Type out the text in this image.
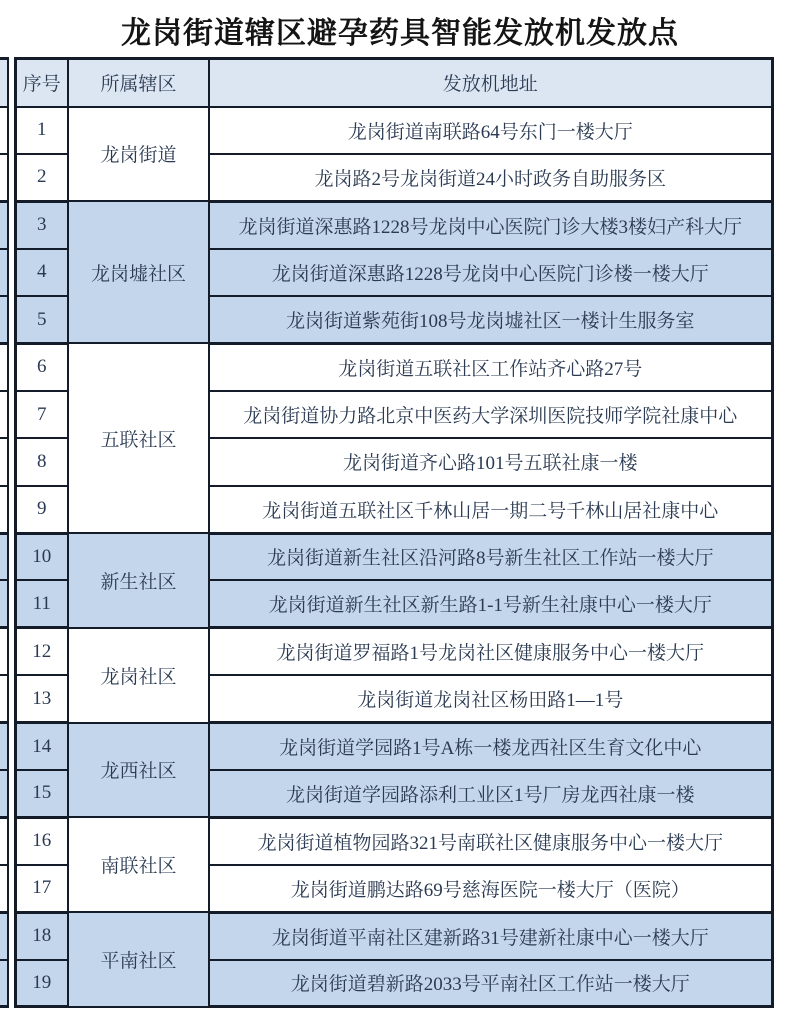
龙岗街道辖区避孕药具智能发放机发放点
		序号	所属辖区	发放机地址
		1	龙岗街道	龙岗街道南联路64号东门一楼大厅
		2		龙岗路2号龙岗街道24小时政务自助服务区
		3	龙岗墟社区	龙岗街道深惠路1228号龙岗中心医院门诊大楼3楼妇产科大厅
		4		龙岗街道深惠路1228号龙岗中心医院门诊楼一楼大厅
		5		龙岗街道紫苑街108号龙岗墟社区一楼计生服务室
		6	五联社区	龙岗街道五联社区工作站齐心路27号
		7		龙岗街道协力路北京中医药大学深圳医院技师学院社康中心
		8		龙岗街道齐心路101号五联社康一楼
		9		龙岗街道五联社区千林山居一期二号千林山居社康中心
		10	新生社区	龙岗街道新生社区沿河路8号新生社区工作站一楼大厅
		11		龙岗街道新生社区新生路1-1号新生社康中心一楼大厅
		12	龙岗社区	龙岗街道罗福路1号龙岗社区健康服务中心一楼大厅
		13		龙岗街道龙岗社区杨田路1—1号
		14	龙西社区	龙岗街道学园路1号A栋一楼龙西社区生育文化中心
		15		龙岗街道学园路添利工业区1号厂房龙西社康一楼
		16	南联社区	龙岗街道植物园路321号南联社区健康服务中心一楼大厅
		17		龙岗街道鹏达路69号慈海医院一楼大厅（医院）
		18	平南社区	龙岗街道平南社区建新路31号建新社康中心一楼大厅
		19		龙岗街道碧新路2033号平南社区工作站一楼大厅
